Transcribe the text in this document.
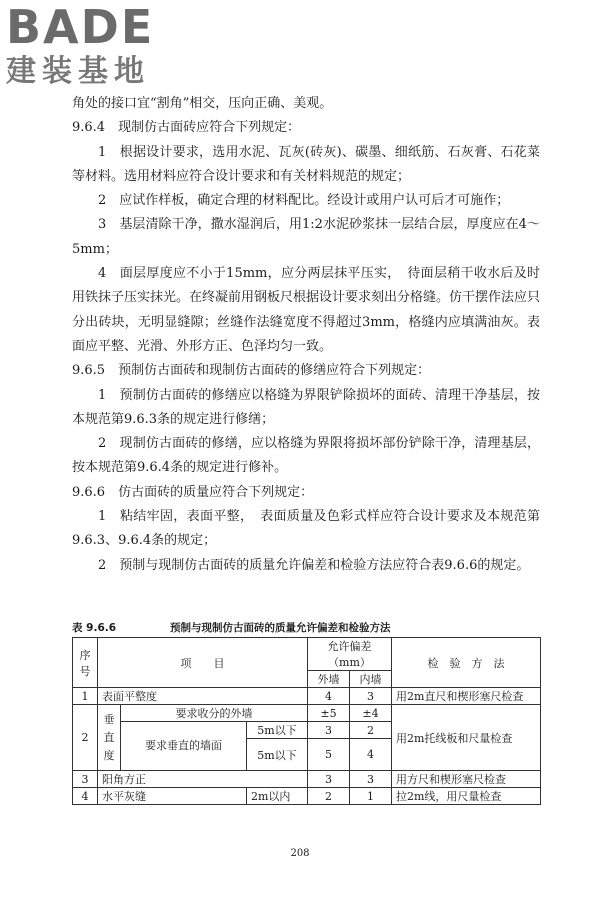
BADE
建装基地

角处的接口宜“割角”相交，压向正确、美观。

9.6.4　现制仿古面砖应符合下列规定：

1　根据设计要求，选用水泥、瓦灰(砖灰)、碳墨、细纸筋、石灰膏、石花菜等材料。选用材料应符合设计要求和有关材料规范的规定；

2　应试作样板，确定合理的材料配比。经设计或用户认可后才可施作；

3　基层清除干净，撒水湿润后，用1:2水泥砂浆抹一层结合层，厚度应在4～5mm；

4　面层厚度应不小于15mm，应分两层抹平压实，　待面层稍干收水后及时用铁抹子压实抹光。在终凝前用钢板尺根据设计要求刻出分格缝。仿干摆作法应只分出砖块，无明显缝隙；丝缝作法缝宽度不得超过3mm，格缝内应填满油灰。表面应平整、光滑、外形方正、色泽均匀一致。

9.6.5　预制仿古面砖和现制仿古面砖的修缮应符合下列规定：

1　预制仿古面砖的修缮应以格缝为界限铲除损坏的面砖、清理干净基层，按本规范第9.6.3条的规定进行修缮；

2　现制仿古面砖的修缮，应以格缝为界限将损坏部份铲除干净，清理基层，按本规范第9.6.4条的规定进行修补。

9.6.6　仿古面砖的质量应符合下列规定：

1　粘结牢固，表面平整，　表面质量及色彩式样应符合设计要求及本规范第9.6.3、9.6.4条的规定；

2　预制与现制仿古面砖的质量允许偏差和检验方法应符合表9.6.6的规定。

表 9.6.6	预制与现制仿古面砖的质量允许偏差和检验方法
序号	项　　目			允许偏差（mm）		检　验　方　法
				外墙	内墙	
1	表面平整度			4	3	用2m直尺和楔形塞尺检查
2	垂直度	要求收分的外墙		±5	±4	用2m托线板和尺量检查
		要求垂直的墙面	5m以下	3	2	
			5m以下	5	4	

3	阳角方正			3	3	用方尺和楔形塞尺检查
4	水平灰缝		2m以内	2	1	拉2m线，用尺量检查
208
